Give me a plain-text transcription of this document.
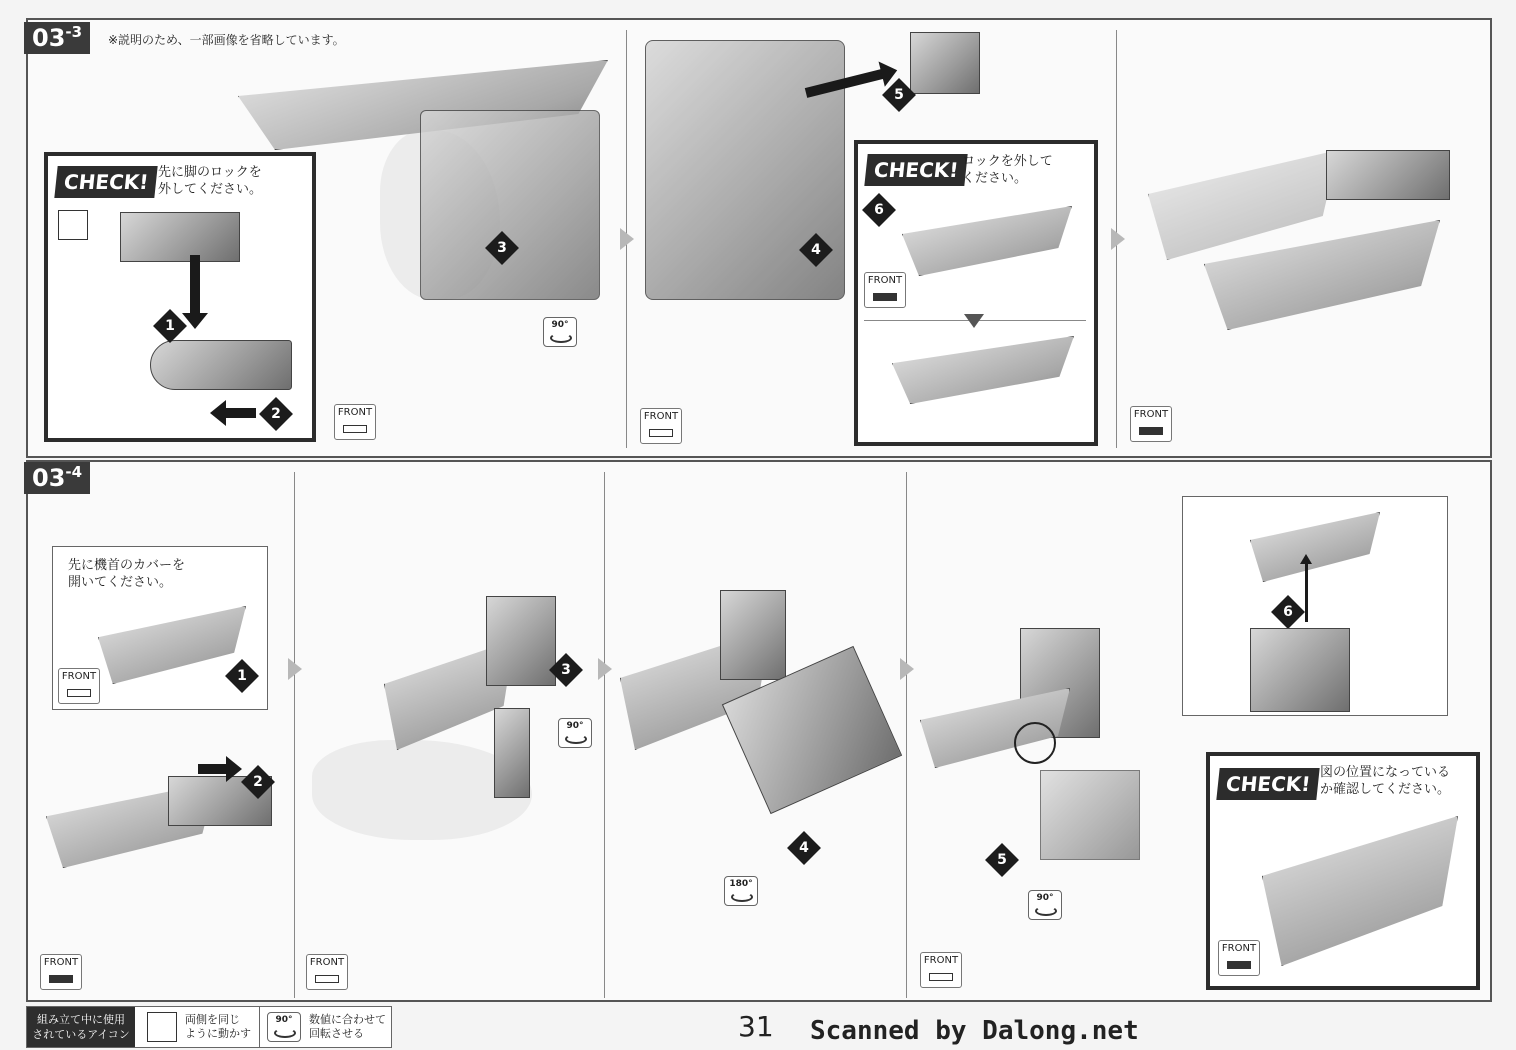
$03^{-3}$	※説明のため、一部画像を省略しています。
CHECK! 先に脚のロックを
外してください。
1
2
3
90°
FRONT
5
4
FRONT
CHECK! ロックを外して
ください。
6
FRONT
FRONT
$03^{-4}$
先に機首のカバーを
開いてください。
1
FRONT
2
FRONT
3
90°
FRONT
4
180°
5
90°
FRONT
6
CHECK! 図の位置になっている
か確認してください。
FRONT
組み立て中に使用
されているアイコン
両側を同じ
ように動かす
90°	数値に合わせて
回転させる	31 Scanned by Dalong.net
